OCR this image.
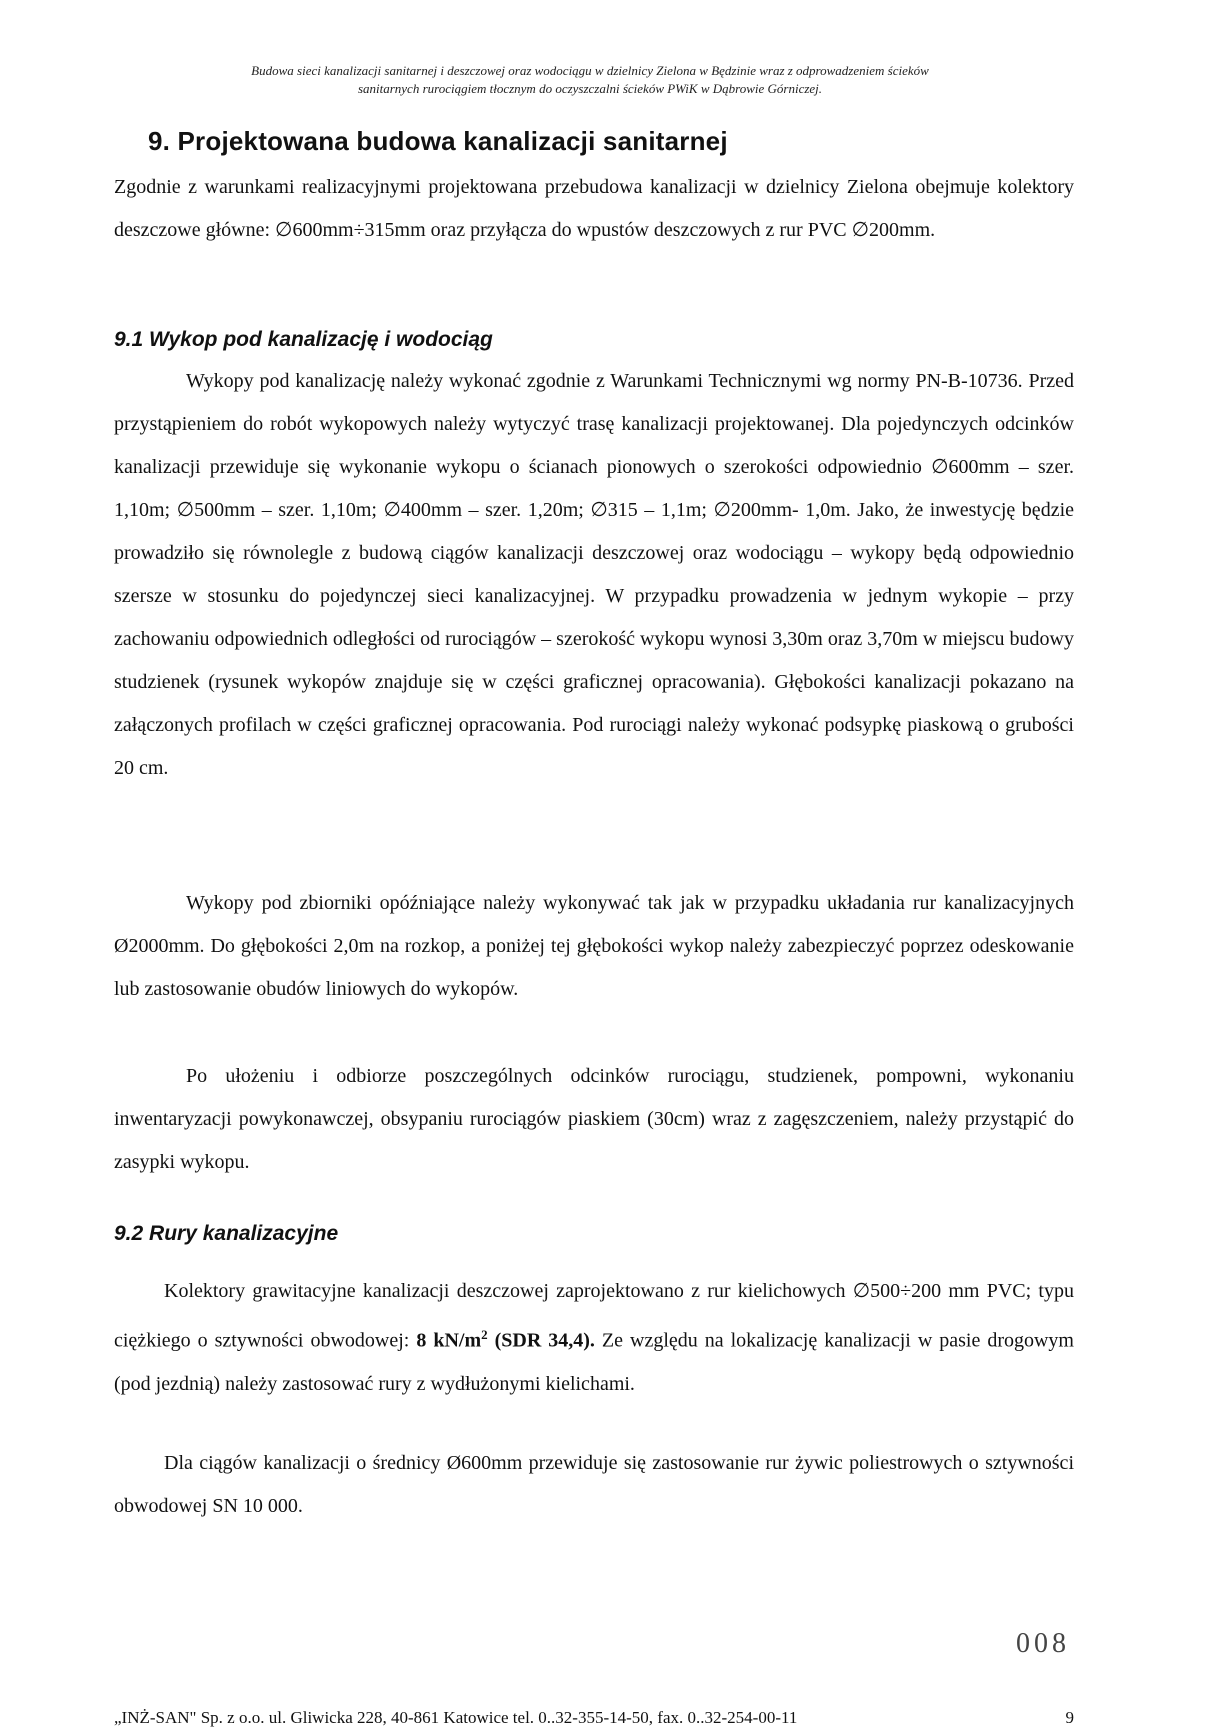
Budowa sieci kanalizacji sanitarnej i deszczowej oraz wodociągu w dzielnicy Zielona w Będzinie wraz z odprowadzeniem ścieków
sanitarnych rurociągiem tłocznym do oczyszczalni ścieków PWiK w Dąbrowie Górniczej.
9. Projektowana budowa kanalizacji sanitarnej
Zgodnie z warunkami realizacyjnymi projektowana przebudowa kanalizacji w dzielnicy Zielona obejmuje kolektory deszczowe główne: ∅600mm÷315mm oraz przyłącza do wpustów deszczowych z rur PVC ∅200mm.
9.1 Wykop pod kanalizację i wodociąg
Wykopy pod kanalizację należy wykonać zgodnie z Warunkami Technicznymi wg normy PN-B-10736. Przed przystąpieniem do robót wykopowych należy wytyczyć trasę kanalizacji projektowanej. Dla pojedynczych odcinków kanalizacji przewiduje się wykonanie wykopu o ścianach pionowych o szerokości odpowiednio ∅600mm – szer. 1,10m; ∅500mm – szer. 1,10m; ∅400mm – szer. 1,20m; ∅315 – 1,1m; ∅200mm- 1,0m. Jako, że inwestycję będzie prowadziło się równolegle z budową ciągów kanalizacji deszczowej oraz wodociągu – wykopy będą odpowiednio szersze w stosunku do pojedynczej sieci kanalizacyjnej. W przypadku prowadzenia w jednym wykopie – przy zachowaniu odpowiednich odległości od rurociągów – szerokość wykopu wynosi 3,30m oraz 3,70m w miejscu budowy studzienek (rysunek wykopów znajduje się w części graficznej opracowania). Głębokości kanalizacji pokazano na załączonych profilach w części graficznej opracowania. Pod rurociągi należy wykonać podsypkę piaskową o grubości 20 cm.
Wykopy pod zbiorniki opóźniające należy wykonywać tak jak w przypadku układania rur kanalizacyjnych Ø2000mm. Do głębokości 2,0m na rozkop, a poniżej tej głębokości wykop należy zabezpieczyć poprzez odeskowanie lub zastosowanie obudów liniowych do wykopów.
Po ułożeniu i odbiorze poszczególnych odcinków rurociągu, studzienek, pompowni, wykonaniu inwentaryzacji powykonawczej, obsypaniu rurociągów piaskiem (30cm) wraz z zagęszczeniem, należy przystąpić do zasypki wykopu.
9.2 Rury kanalizacyjne
Kolektory grawitacyjne kanalizacji deszczowej zaprojektowano z rur kielichowych ∅500÷200 mm PVC; typu ciężkiego o sztywności obwodowej: 8 $kN/m^2$ (SDR 34,4). Ze względu na lokalizację kanalizacji w pasie drogowym (pod jezdnią) należy zastosować rury z wydłużonymi kielichami.
Dla ciągów kanalizacji o średnicy Ø600mm przewiduje się zastosowanie rur żywic poliestrowych o sztywności obwodowej SN 10 000.
008
„INŻ-SAN" Sp. z o.o. ul. Gliwicka 228, 40-861 Katowice tel. 0..32-355-14-50, fax. 0..32-254-00-11	9
